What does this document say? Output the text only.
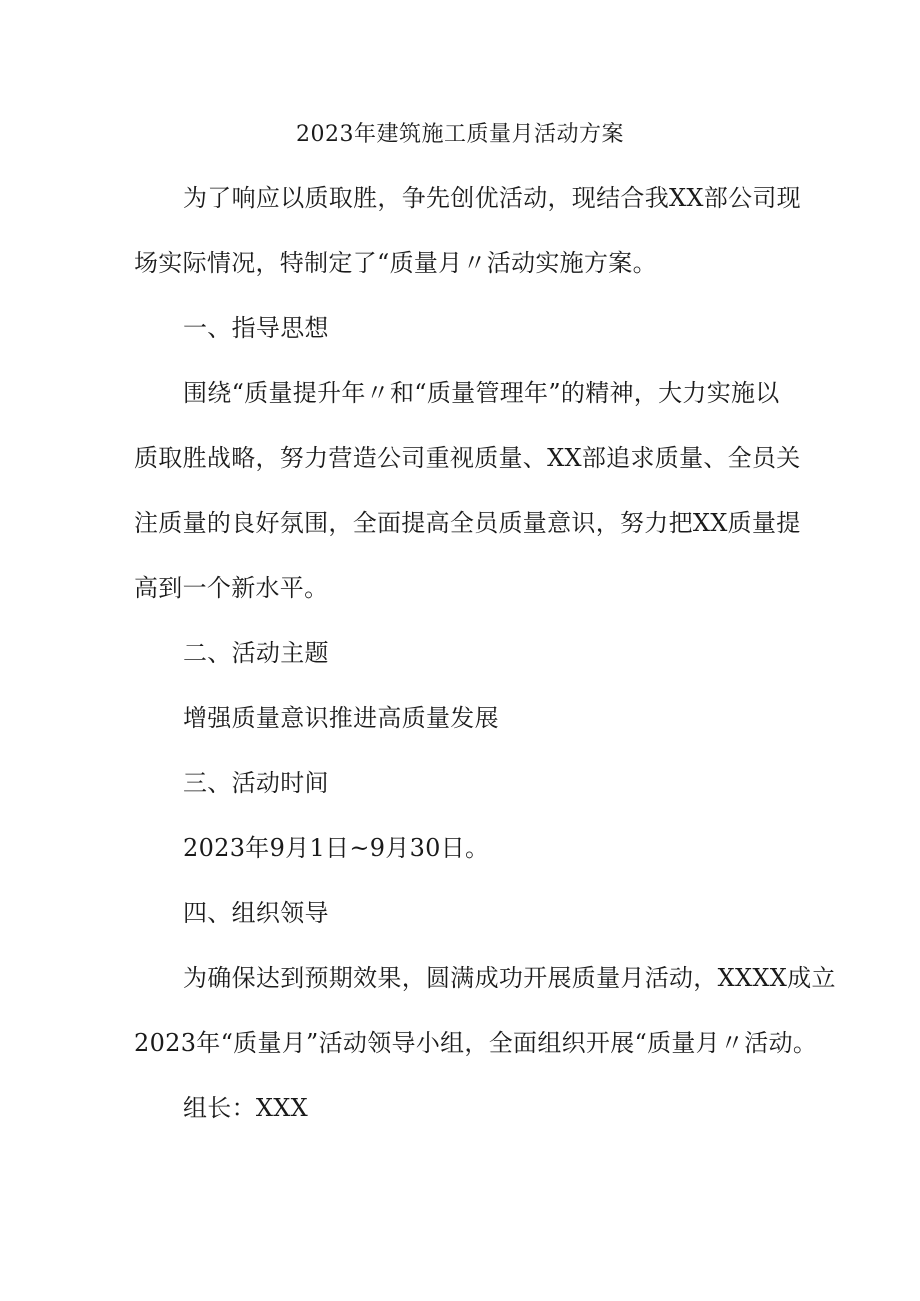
2023年建筑施工质量月活动方案
为了响应以质取胜，争先创优活动，现结合我XX部公司现
场实际情况，特制定了“质量月〃活动实施方案。
一、指导思想
围绕“质量提升年〃和“质量管理年”的精神，大力实施以
质取胜战略，努力营造公司重视质量、XX部追求质量、全员关
注质量的良好氛围，全面提高全员质量意识，努力把XX质量提
高到一个新水平。
二、活动主题
增强质量意识推进高质量发展
三、活动时间
2023年9月1日~9月30日。
四、组织领导
为确保达到预期效果，圆满成功开展质量月活动，XXXX成立
2023年“质量月”活动领导小组，全面组织开展“质量月〃活动。
组长：XXX
